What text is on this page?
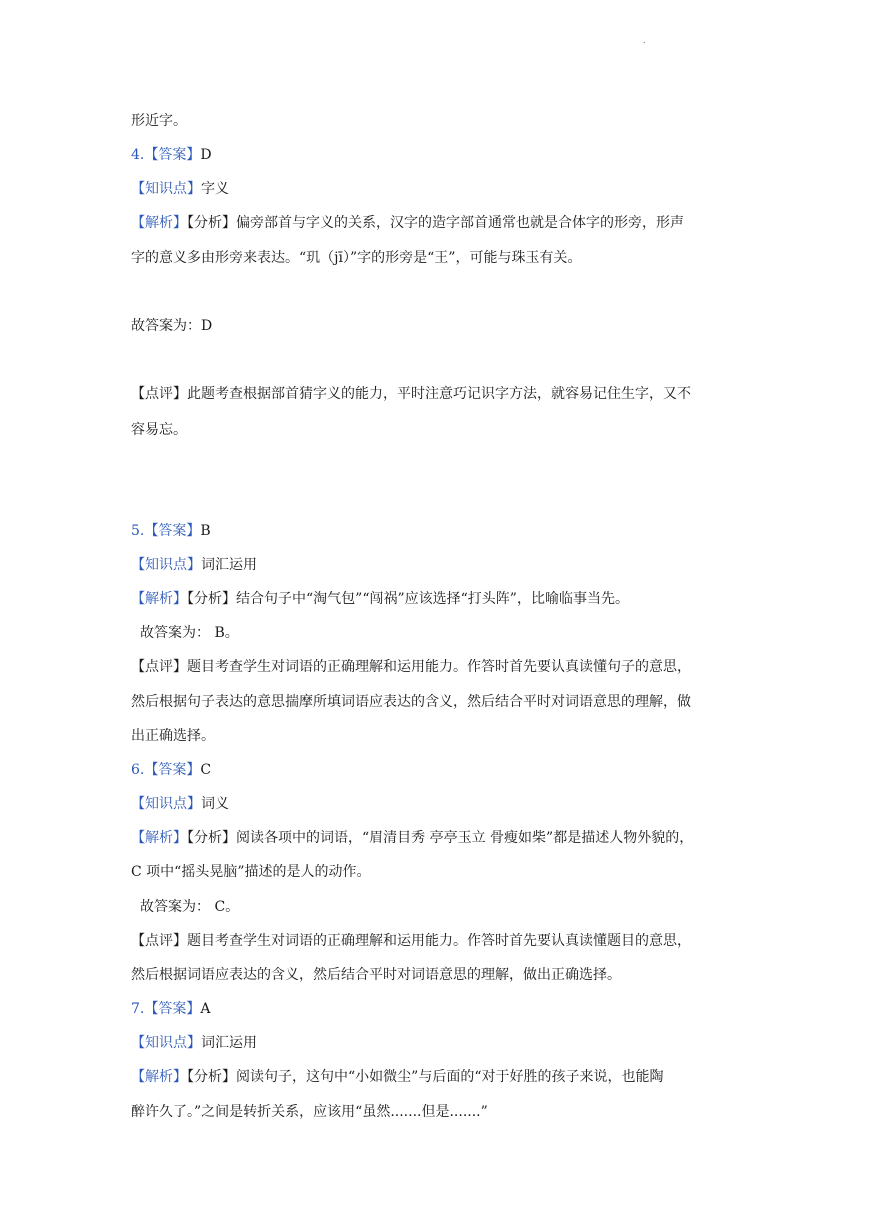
.
形近字。
4.【答案】D
【知识点】字义
【解析】【分析】偏旁部首与字义的关系，汉字的造字部首通常也就是合体字的形旁，形声
字的意义多由形旁来表达。“玑（jī）”字的形旁是“王”，可能与珠玉有关。
故答案为：D
【点评】此题考查根据部首猜字义的能力，平时注意巧记识字方法，就容易记住生字，又不
容易忘。
5.【答案】B
【知识点】词汇运用
【解析】【分析】结合句子中“淘气包”“闯祸”应该选择“打头阵”，比喻临事当先。
故答案为： B。
【点评】题目考查学生对词语的正确理解和运用能力。作答时首先要认真读懂句子的意思，
然后根据句子表达的意思揣摩所填词语应表达的含义，然后结合平时对词语意思的理解，做
出正确选择。
6.【答案】C
【知识点】词义
【解析】【分析】阅读各项中的词语，“眉清目秀 亭亭玉立 骨瘦如柴”都是描述人物外貌的，
C 项中“摇头晃脑”描述的是人的动作。
故答案为： C。
【点评】题目考查学生对词语的正确理解和运用能力。作答时首先要认真读懂题目的意思，
然后根据词语应表达的含义，然后结合平时对词语意思的理解，做出正确选择。
7.【答案】A
【知识点】词汇运用
【解析】【分析】阅读句子，这句中“小如微尘”与后面的“对于好胜的孩子来说，也能陶
醉许久了。”之间是转折关系，应该用“虽然.......但是.......”
